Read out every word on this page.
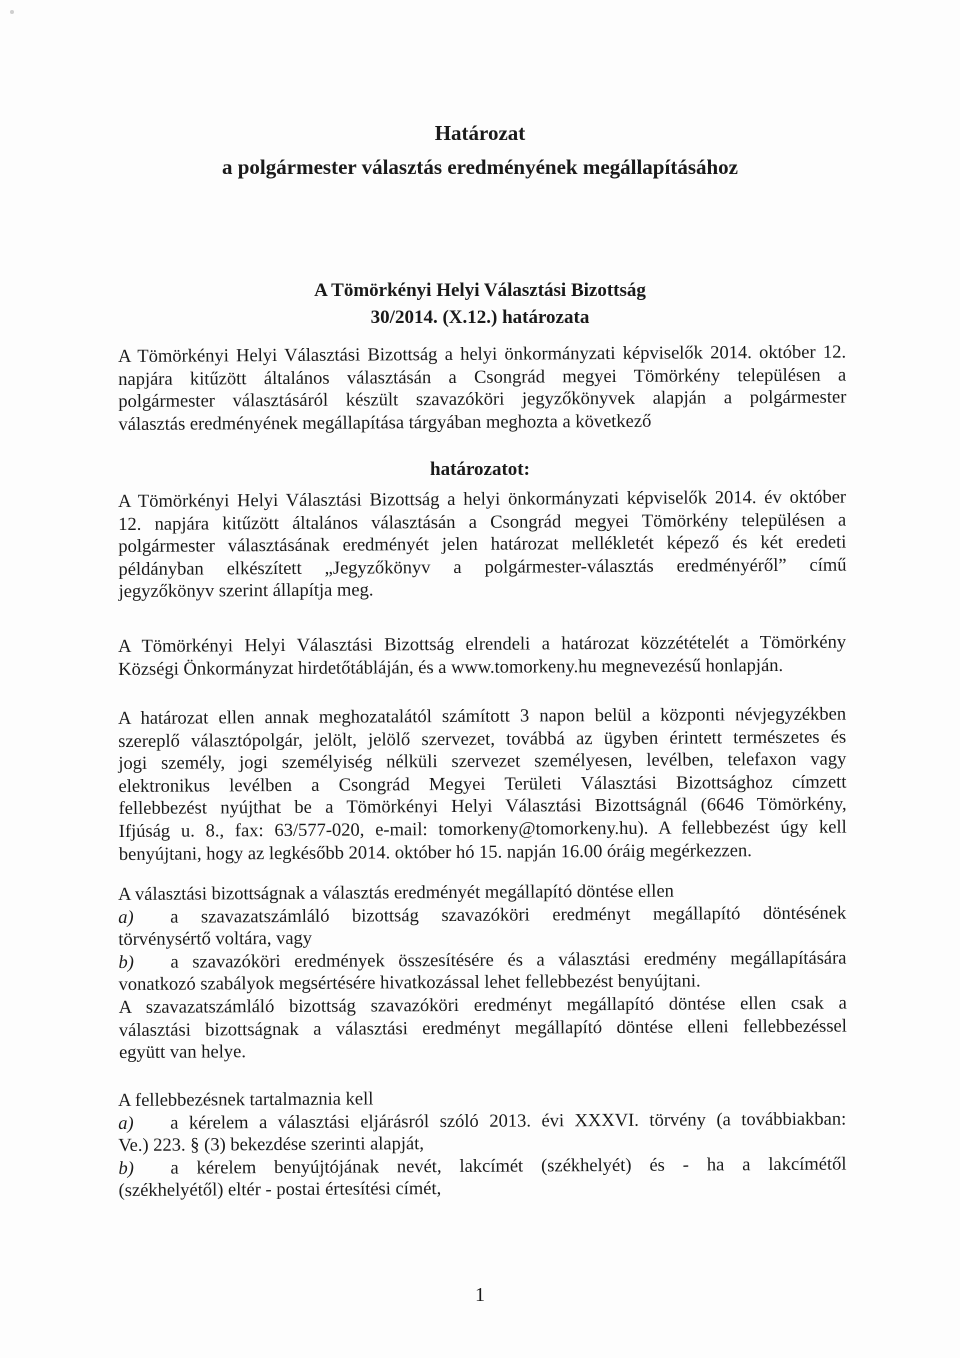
Határozat
a polgármester választás eredményének megállapításához
A Tömörkényi Helyi Választási Bizottság
30/2014. (X.12.) határozata
A Tömörkényi Helyi Választási Bizottság a helyi önkormányzati képviselők 2014. október 12.
napjára kitűzött általános választásán a Csongrád megyei Tömörkény településen a
polgármester választásáról készült szavazóköri jegyzőkönyvek alapján a polgármester
választás eredményének megállapítása tárgyában meghozta a következő
határozatot:
A Tömörkényi Helyi Választási Bizottság a helyi önkormányzati képviselők 2014. év október
12. napjára kitűzött általános választásán a Csongrád megyei Tömörkény településen a
polgármester választásának eredményét jelen határozat mellékletét képező és két eredeti
példányban elkészített „Jegyzőkönyv a polgármester-választás eredményéről” című
jegyzőkönyv szerint állapítja meg.
A Tömörkényi Helyi Választási Bizottság elrendeli a határozat közzétételét a Tömörkény
Községi Önkormányzat hirdetőtábláján, és a www.tomorkeny.hu megnevezésű honlapján.
A határozat ellen annak meghozatalától számított 3 napon belül a központi névjegyzékben
szereplő választópolgár, jelölt, jelölő szervezet, továbbá az ügyben érintett természetes és
jogi személy, jogi személyiség nélküli szervezet személyesen, levélben, telefaxon vagy
elektronikus levélben a Csongrád Megyei Területi Választási Bizottsághoz címzett
fellebbezést nyújthat be a Tömörkényi Helyi Választási Bizottságnál (6646 Tömörkény,
Ifjúság u. 8., fax: 63/577-020, e-mail: tomorkeny@tomorkeny.hu). A fellebbezést úgy kell
benyújtani, hogy az legkésőbb 2014. október hó 15. napján 16.00 óráig megérkezzen.
A választási bizottságnak a választás eredményét megállapító döntése ellen
a) a szavazatszámláló bizottság szavazóköri eredményt megállapító döntésének
törvénysértő voltára, vagy
b) a szavazóköri eredmények összesítésére és a választási eredmény megállapítására
vonatkozó szabályok megsértésére hivatkozással lehet fellebbezést benyújtani.
A szavazatszámláló bizottság szavazóköri eredményt megállapító döntése ellen csak a
választási bizottságnak a választási eredményt megállapító döntése elleni fellebbezéssel
együtt van helye.
A fellebbezésnek tartalmaznia kell
a) a kérelem a választási eljárásról szóló 2013. évi XXXVI. törvény (a továbbiakban:
Ve.) 223. § (3) bekezdése szerinti alapját,
b) a kérelem benyújtójának nevét, lakcímét (székhelyét) és - ha a lakcímétől
(székhelyétől) eltér - postai értesítési címét,
1
